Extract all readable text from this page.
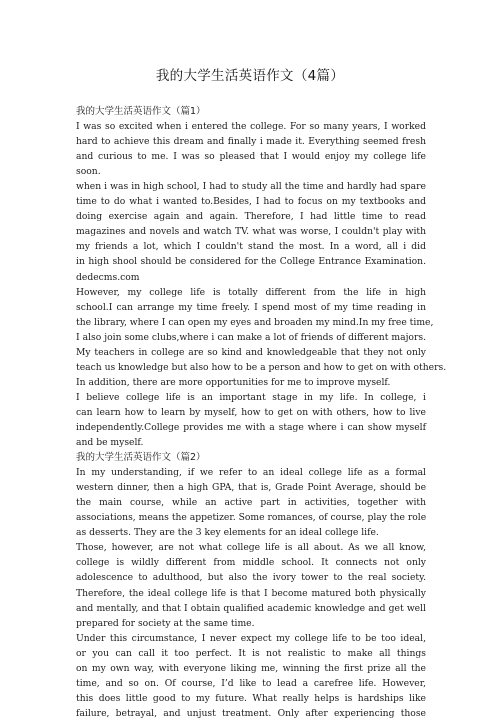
我的大学生活英语作文（4篇）
我的大学生活英语作文（篇1）
I was so excited when i entered the college. For so many years, I worked
hard to achieve this dream and finally i made it. Everything seemed fresh
and curious to me. I was so pleased that I would enjoy my college life
soon.
when i was in high school, I had to study all the time and hardly had spare
time to do what i wanted to.Besides, I had to focus on my textbooks and
doing exercise again and again. Therefore, I had little time to read
magazines and novels and watch TV. what was worse, I couldn't play with
my friends a lot, which I couldn't stand the most. In a word, all i did
in high shool should be considered for the College Entrance Examination.
dedecms.com
However, my college life is totally different from the life in high
school.I can arrange my time freely. I spend most of my time reading in
the library, where I can open my eyes and broaden my mind.In my free time,
I also join some clubs,where i can make a lot of friends of different majors.
My teachers in college are so kind and knowledgeable that they not only
teach us knowledge but also how to be a person and how to get on with others.
In addition, there are more opportunities for me to improve myself.
I believe college life is an important stage in my life. In college, i
can learn how to learn by myself, how to get on with others, how to live
independently.College provides me with a stage where i can show myself
and be myself.
我的大学生活英语作文（篇2）
In my understanding, if we refer to an ideal college life as a formal
western dinner, then a high GPA, that is, Grade Point Average, should be
the main course, while an active part in activities, together with
associations, means the appetizer. Some romances, of course, play the role
as desserts. They are the 3 key elements for an ideal college life.
Those, however, are not what college life is all about. As we all know,
college is wildly different from middle school. It connects not only
adolescence to adulthood, but also the ivory tower to the real society.
Therefore, the ideal college life is that I become matured both physically
and mentally, and that I obtain qualified academic knowledge and get well
prepared for society at the same time.
Under this circumstance, I never expect my college life to be too ideal,
or you can call it too perfect. It is not realistic to make all things
on my own way, with everyone liking me, winning the first prize all the
time, and so on. Of course, I’d like to lead a carefree life. However,
this does little good to my future. What really helps is hardships like
failure, betrayal, and unjust treatment. Only after experiencing those
